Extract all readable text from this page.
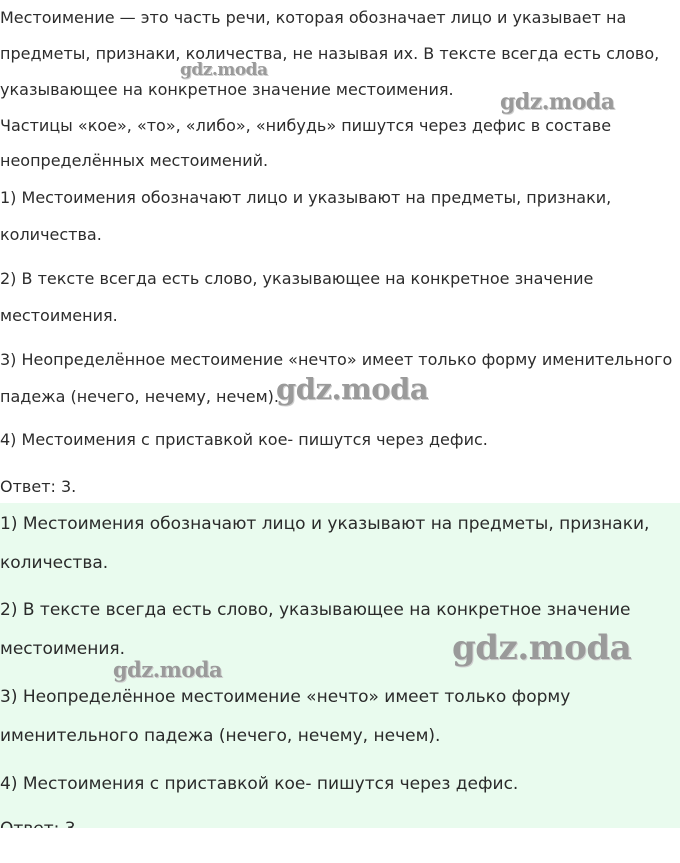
Местоимение — это часть речи, которая обозначает лицо и указывает на
предметы, признаки, количества, не называя их. В тексте всегда есть слово,
указывающее на конкретное значение местоимения.
Частицы «кое», «то», «либо», «нибудь» пишутся через дефис в составе
неопределённых местоимений.
1) Местоимения обозначают лицо и указывают на предметы, признаки,
количества.
2) В тексте всегда есть слово, указывающее на конкретное значение
местоимения.
3) Неопределённое местоимение «нечто» имеет только форму именительного
падежа (нечего, нечему, нечем).
4) Местоимения с приставкой кое- пишутся через дефис.
Ответ: 3.
1) Местоимения обозначают лицо и указывают на предметы, признаки,
количества.
2) В тексте всегда есть слово, указывающее на конкретное значение
местоимения.
3) Неопределённое местоимение «нечто» имеет только форму
именительного падежа (нечего, нечему, нечем).
4) Местоимения с приставкой кое- пишутся через дефис.
gdz.moda
gdz.moda
gdz.moda
gdz.moda
gdz.moda
